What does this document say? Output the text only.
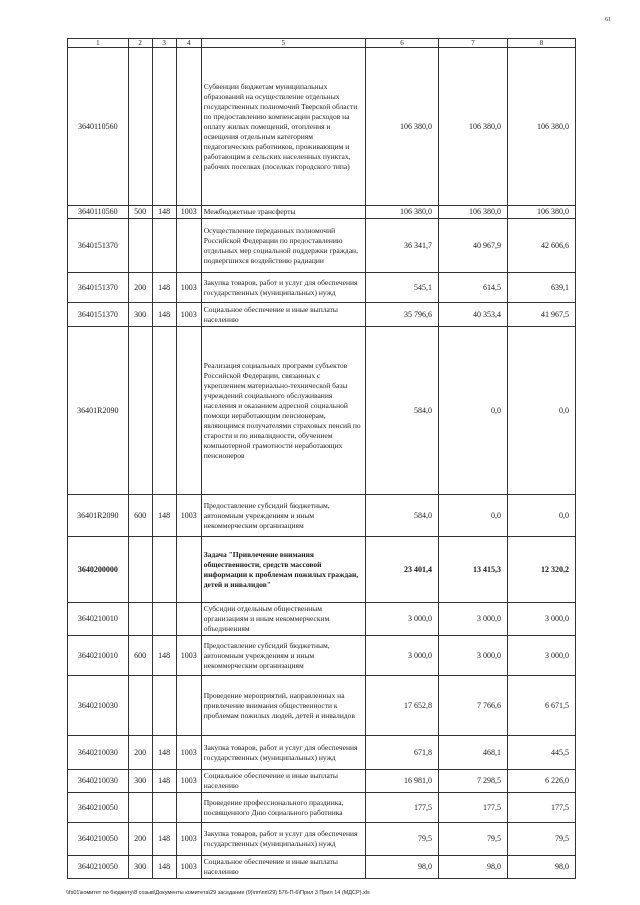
61
1	2	3	4	5	6	7	8
3640110560				Субвенции бюджетам муниципальных образований на осуществление отдельных государственных полномочий Тверской области по предоставлению компенсации расходов на оплату жилых помещений, отопления и освещения отдельным категориям педагогических работников, проживающим и работающим в сельских населенных пунктах, рабочих поселках (поселках городского типа)	106 380,0	106 380,0	106 380,0
3640110560	500	148	1003	Межбюджетные трансферты	106 380,0	106 380,0	106 380,0
3640151370				Осуществление переданных полномочий Российской Федерации по предоставлению отдельных мер социальной поддержки граждан, подвергшихся воздействию радиации	36 341,7	40 967,9	42 606,6
3640151370	200	148	1003	Закупка товаров, работ и услуг для обеспечения государственных (муниципальных) нужд	545,1	614,5	639,1
3640151370	300	148	1003	Социальное обеспечение и иные выплаты населению	35 796,6	40 353,4	41 967,5
36401R2090				Реализация социальных программ субъектов Российской Федерации, связанных с укреплением материально-технической базы учреждений социального обслуживания населения и оказанием адресной социальной помощи неработающим пенсионерам, являющимся получателями страховых пенсий по старости и по инвалидности, обучением компьютерной грамотности неработающих пенсионеров	584,0	0,0	0,0
36401R2090	600	148	1003	Предоставление субсидий бюджетным, автономным учреждениям и иным некоммерческим организациям	584,0	0,0	0,0
3640200000				Задача "Привлечение внимания общественности, средств массовой информации к проблемам пожилых граждан, детей и инвалидов"	23 401,4	13 415,3	12 320,2
3640210010				Субсидии отдельным общественным организациям и иным некоммерческим объединениям	3 000,0	3 000,0	3 000,0
3640210010	600	148	1003	Предоставление субсидий бюджетным, автономным учреждениям и иным некоммерческим организациям	3 000,0	3 000,0	3 000,0
3640210030				Проведение мероприятий, направленных на привлечение внимания общественности к проблемам пожилых людей, детей и инвалидов	17 652,8	7 766,6	6 671,5
3640210030	200	148	1003	Закупка товаров, работ и услуг для обеспечения государственных (муниципальных) нужд	671,8	468,1	445,5
3640210030	300	148	1003	Социальное обеспечение и иные выплаты населению	16 981,0	7 298,5	6 226,0
3640210050				Проведение профессионального праздника, посвященного Дню социального работника	177,5	177,5	177,5
3640210050	200	148	1003	Закупка товаров, работ и услуг для обеспечения государственных (муниципальных) нужд	79,5	79,5	79,5
3640210050	300	148	1003	Социальное обеспечение и иные выплаты населению	98,0	98,0	98,0
\\fs01\комитет по бюджету\8 созыв\Документы комитета\29 заседание (9)\пп\пп\29) 576-П-6\Прил 3 Прил 14 (МДСР).xls
